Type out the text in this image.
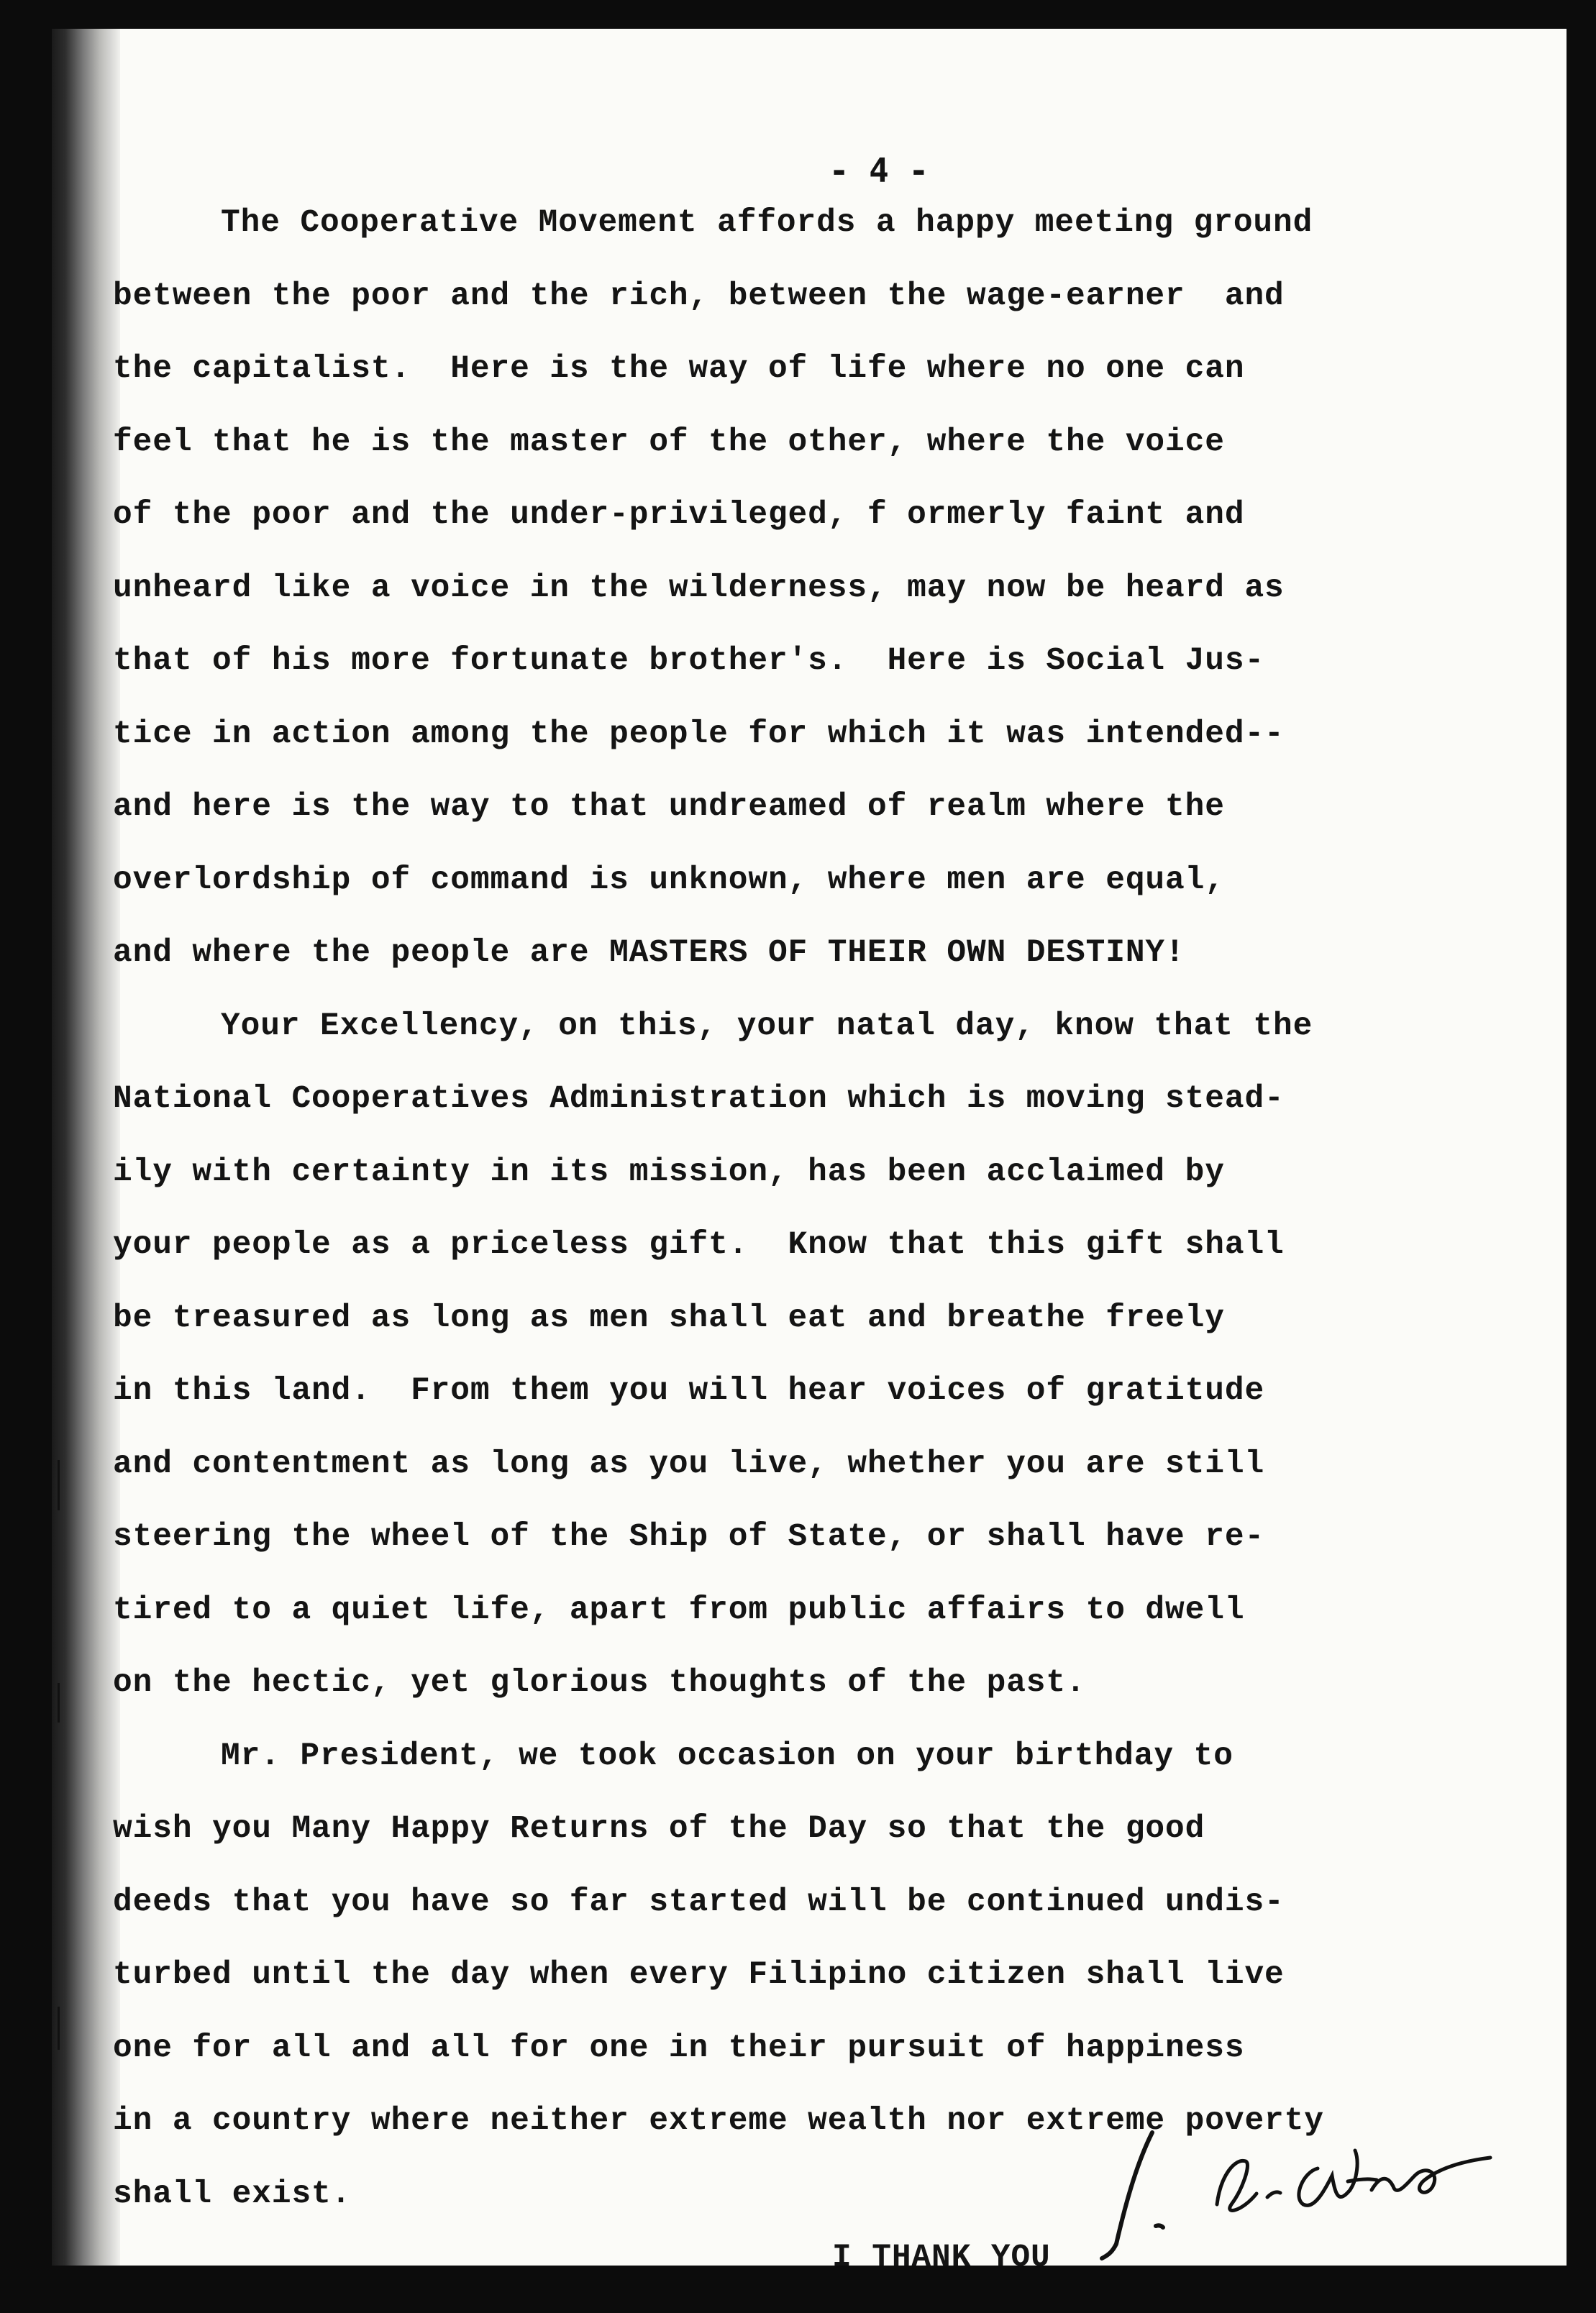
- 4 -

The Cooperative Movement affords a happy meeting ground
between the poor and the rich, between the wage-earner  and
the capitalist.  Here is the way of life where no one can
feel that he is the master of the other, where the voice
of the poor and the under-privileged, f ormerly faint and
unheard like a voice in the wilderness, may now be heard as
that of his more fortunate brother's.  Here is Social Jus-
tice in action among the people for which it was intended--
and here is the way to that undreamed of realm where the
overlordship of command is unknown, where men are equal,
and where the people are MASTERS OF THEIR OWN DESTINY!
Your Excellency, on this, your natal day, know that the
National Cooperatives Administration which is moving stead-
ily with certainty in its mission, has been acclaimed by
your people as a priceless gift.  Know that this gift shall
be treasured as long as men shall eat and breathe freely
in this land.  From them you will hear voices of gratitude
and contentment as long as you live, whether you are still
steering the wheel of the Ship of State, or shall have re-
tired to a quiet life, apart from public affairs to dwell
on the hectic, yet glorious thoughts of the past.
Mr. President, we took occasion on your birthday to
wish you Many Happy Returns of the Day so that the good
deeds that you have so far started will be continued undis-
turbed until the day when every Filipino citizen shall live
one for all and all for one in their pursuit of happiness
in a country where neither extreme wealth nor extreme poverty
shall exist.
I THANK YOU
